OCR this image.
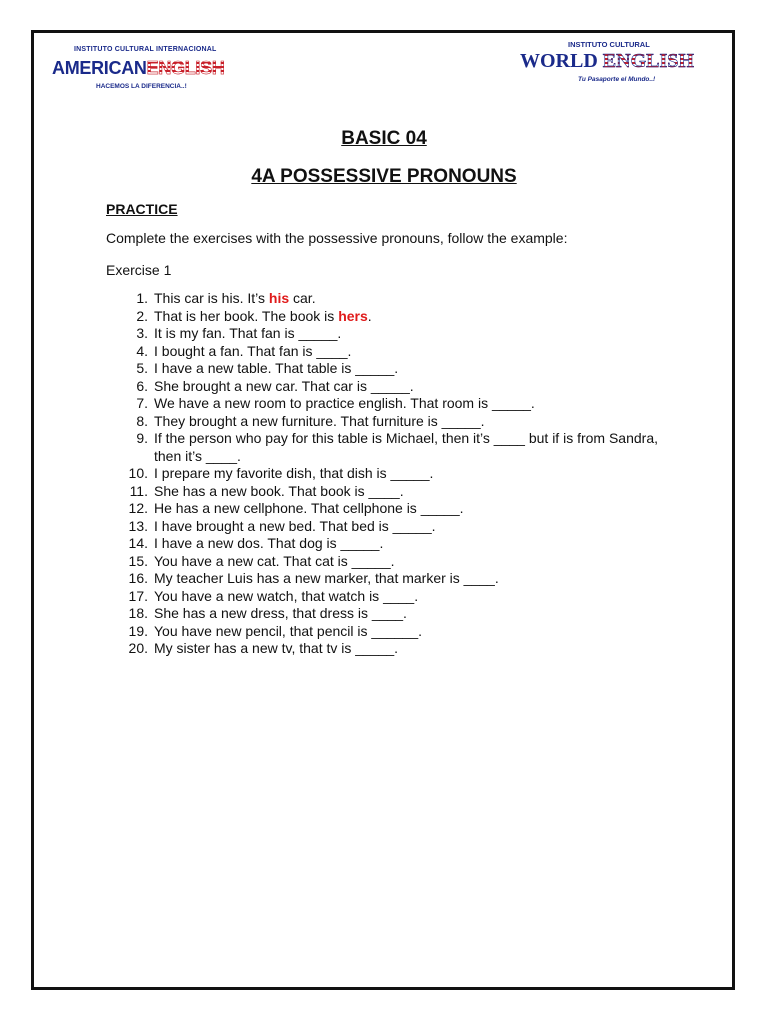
INSTITUTO CULTURAL INTERNACIONAL
AMERICANENGLISH
HACEMOS LA DIFERENCIA..!
INSTITUTO CULTURAL
WORLD ENGLISH
Tu Pasaporte el Mundo..!
BASIC 04
4A POSSESSIVE PRONOUNS
PRACTICE
Complete the exercises with the possessive pronouns, follow the example:
Exercise 1
1. This car is his. It’s his car.
2. That is her book. The book is hers.
3. It is my fan. That fan is _____.
4. I bought a fan. That fan is ____.
5. I have a new table. That table is _____.
6. She brought a new car. That car is _____.
7. We have a new room to practice english. That room is _____.
8. They brought a new furniture. That furniture is _____.
9. If the person who pay for this table is Michael, then it’s ____ but if is from Sandra, then it’s ____.
10. I prepare my favorite dish, that dish is _____.
11. She has a new book. That book is ____.
12. He has a new cellphone. That cellphone is _____.
13. I have brought a new bed. That bed is _____.
14. I have a new dos. That dog is _____.
15. You have a new cat. That cat is _____.
16. My teacher Luis has a new marker, that marker is ____.
17. You have a new watch, that watch is ____.
18. She has a new dress, that dress is ____.
19. You have new pencil, that pencil is ______.
20. My sister has a new tv, that tv is _____.
